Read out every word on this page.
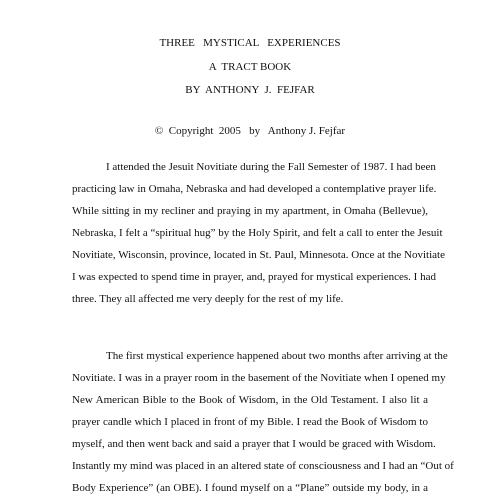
THREE   MYSTICAL   EXPERIENCES
A  TRACT BOOK
BY  ANTHONY  J.  FEJFAR
©  Copyright  2005   by   Anthony J. Fejfar
I attended the Jesuit Novitiate during the Fall Semester of 1987. I had been
practicing law in Omaha, Nebraska and had developed a contemplative prayer life.
While sitting in my recliner and praying in my apartment, in Omaha (Bellevue),
Nebraska, I felt a “spiritual hug” by the Holy Spirit, and felt a call to enter the Jesuit
Novitiate, Wisconsin, province, located in St. Paul, Minnesota. Once at the Novitiate
I was expected to spend time in prayer, and, prayed for mystical experiences. I had
three. They all affected me very deeply for the rest of my life.
The first mystical experience happened about two months after arriving at the
Novitiate. I was in a prayer room in the basement of the Novitiate when I opened my
New American Bible to the Book of Wisdom, in the Old Testament. I also lit a
prayer candle which I placed in front of my Bible. I read the Book of Wisdom to
myself, and then went back and said a prayer that I would be graced with Wisdom.
Instantly my mind was placed in an altered state of consciousness and I had an “Out of
Body Experience” (an OBE). I found myself on a “Plane” outside my body, in a
